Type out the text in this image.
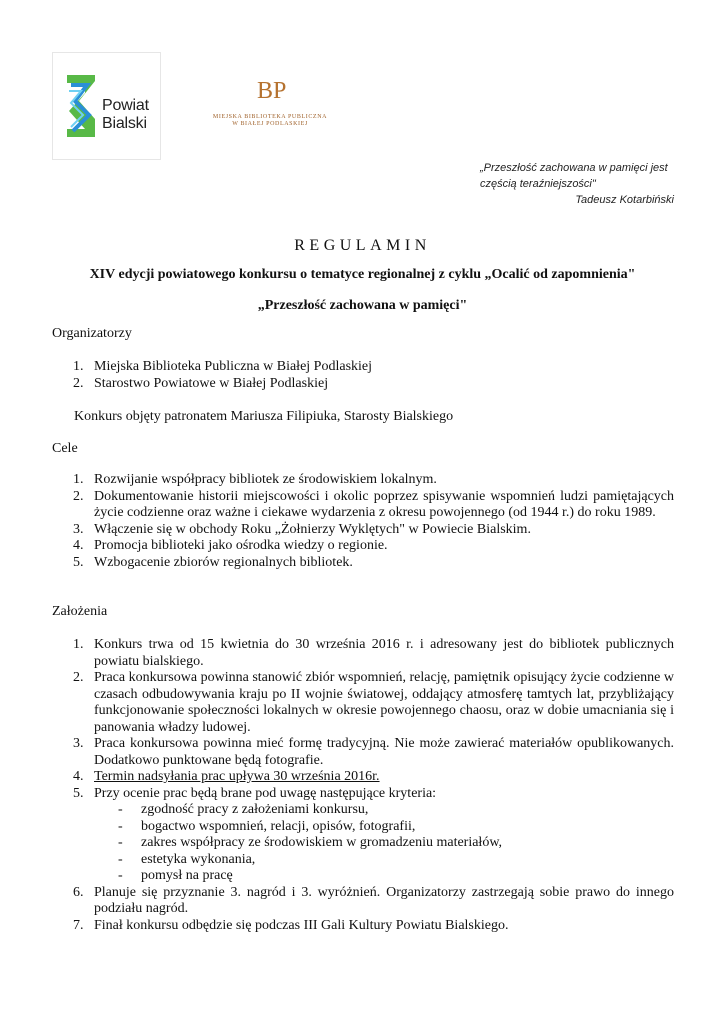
Powiat
Bialski
BP
MIEJSKA BIBLIOTEKA PUBLICZNA
W BIAŁEJ PODLASKIEJ
„Przeszłość zachowana w pamięci jest
częścią teraźniejszości"
Tadeusz Kotarbiński
REGULAMIN
XIV edycji powiatowego konkursu o tematyce regionalnej z cyklu „Ocalić od zapomnienia"
„Przeszłość zachowana w pamięci"
Organizatorzy
1. Miejska Biblioteka Publiczna w Białej Podlaskiej
2. Starostwo Powiatowe w Białej Podlaskiej
Konkurs objęty patronatem Mariusza Filipiuka, Starosty Bialskiego
Cele
1. Rozwijanie współpracy bibliotek ze środowiskiem lokalnym.
2. Dokumentowanie historii miejscowości i okolic poprzez spisywanie wspomnień ludzi pamiętających życie codzienne oraz ważne i ciekawe wydarzenia z okresu powojennego (od 1944 r.) do roku 1989.
3. Włączenie się w obchody Roku „Żołnierzy Wyklętych" w Powiecie Bialskim.
4. Promocja biblioteki jako ośrodka wiedzy o regionie.
5. Wzbogacenie zbiorów regionalnych bibliotek.
Założenia
1. Konkurs trwa od 15 kwietnia do 30 września 2016 r. i adresowany jest do bibliotek publicznych powiatu bialskiego.
2. Praca konkursowa powinna stanowić zbiór wspomnień, relację, pamiętnik opisujący życie codzienne w czasach odbudowywania kraju po II wojnie światowej, oddający atmosferę tamtych lat, przybliżający funkcjonowanie społeczności lokalnych w okresie powojennego chaosu, oraz w dobie umacniania się i panowania władzy ludowej.
3. Praca konkursowa powinna mieć formę tradycyjną. Nie może zawierać materiałów opublikowanych. Dodatkowo punktowane będą fotografie.
4. Termin nadsyłania prac upływa 30 września 2016r.
5. Przy ocenie prac będą brane pod uwagę następujące kryteria:
- zgodność pracy z założeniami konkursu,
- bogactwo wspomnień, relacji, opisów, fotografii,
- zakres współpracy ze środowiskiem w gromadzeniu materiałów,
- estetyka wykonania,
- pomysł na pracę
6. Planuje się przyznanie 3. nagród i 3. wyróżnień. Organizatorzy zastrzegają sobie prawo do innego podziału nagród.
7. Finał konkursu odbędzie się podczas III Gali Kultury Powiatu Bialskiego.
